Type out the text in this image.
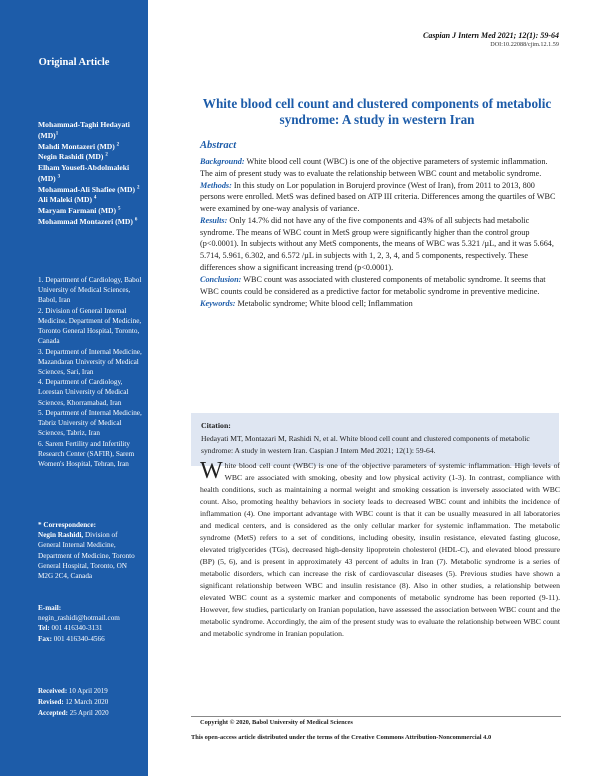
Original Article
Mohammad-Taghi Hedayati (MD)$^1$
Mahdi Montazeri (MD) $^2$
Negin Rashidi (MD) $^2$
Elham Yousefi-Abdolmaleki (MD) $^3$
Mohammad-Ali Shafiee (MD) $^2$
Ali Maleki (MD) $^4$
Maryam Farmani (MD) $^5$
Mohammad Montazeri (MD) $^6$
1. Department of Cardiology, Babol University of Medical Sciences, Babol, Iran
2. Division of General Internal Medicine, Department of Medicine, Toronto General Hospital, Toronto, Canada
3. Department of Internal Medicine, Mazandaran University of Medical Sciences, Sari, Iran
4. Department of Cardiology, Lorestan University of Medical Sciences, Khorramabad, Iran
5. Department of Internal Medicine, Tabriz University of Medical Sciences, Tabriz, Iran
6. Sarem Fertility and Infertility Research Center (SAFIR), Sarem Women's Hospital, Tehran, Iran
* Correspondence:
Negin Rashidi, Division of General Internal Medicine, Department of Medicine, Toronto General Hospital, Toronto, ON M2G 2C4, Canada
E-mail:
negin_rashidi@hotmail.com
Tel: 001 416340-3131
Fax: 001 416340-4566
Received: 10 April 2019
Revised: 12 March 2020
Accepted: 25 April 2020
Caspian J Intern Med 2021; 12(1): 59-64
DOI:10.22088/cjim.12.1.59
White blood cell count and clustered components of metabolic syndrome: A study in western Iran
Abstract

Background: White blood cell count (WBC) is one of the objective parameters of systemic inflammation. The aim of present study was to evaluate the relationship between WBC count and metabolic syndrome.

Methods: In this study on Lor population in Borujerd province (West of Iran), from 2011 to 2013, 800 persons were enrolled. MetS was defined based on ATP III criteria. Differences among the quartiles of WBC were examined by one-way analysis of variance.

Results: Only 14.7% did not have any of the five components and 43% of all subjects had metabolic syndrome. The means of WBC count in MetS group were significantly higher than the control group (p<0.0001). In subjects without any MetS components, the means of WBC was 5.321 /µL, and it was 5.664, 5.714, 5.961, 6.302, and 6.572 /µL in subjects with 1, 2, 3, 4, and 5 components, respectively. These differences show a significant increasing trend (p<0.0001).

Conclusion: WBC count was associated with clustered components of metabolic syndrome. It seems that WBC counts could be considered as a predictive factor for metabolic syndrome in preventive medicine.

Keywords: Metabolic syndrome; White blood cell; Inflammation

Citation:
Hedayati MT, Montazari M, Rashidi N, et al. White blood cell count and clustered components of metabolic syndrome: A study in western Iran. Caspian J Intern Med 2021; 12(1): 59-64.
White blood cell count (WBC) is one of the objective parameters of systemic inflammation. High levels of WBC are associated with smoking, obesity and low physical activity (1-3). In contrast, compliance with health conditions, such as maintaining a normal weight and smoking cessation is inversely associated with WBC count. Also, promoting healthy behaviors in society leads to decreased WBC count and inhibits the incidence of inflammation (4). One important advantage with WBC count is that it can be usually measured in all laboratories and medical centers, and is considered as the only cellular marker for systemic inflammation. The metabolic syndrome (MetS) refers to a set of conditions, including obesity, insulin resistance, elevated fasting glucose, elevated triglycerides (TGs), decreased high-density lipoprotein cholesterol (HDL-C), and elevated blood pressure (BP) (5, 6), and is present in approximately 43 percent of adults in Iran (7). Metabolic syndrome is a series of metabolic disorders, which can increase the risk of cardiovascular diseases (5). Previous studies have shown a significant relationship between WBC and insulin resistance (8). Also in other studies, a relationship between elevated WBC count as a systemic marker and components of metabolic syndrome has been reported (9-11). However, few studies, particularly on Iranian population, have assessed the association between WBC count and the metabolic syndrome. Accordingly, the aim of the present study was to evaluate the relationship between WBC count and metabolic syndrome in Iranian population.
Copyright © 2020, Babol University of Medical Sciences
This open-access article distributed under the terms of the Creative Commons Attribution-Noncommercial 4.0
